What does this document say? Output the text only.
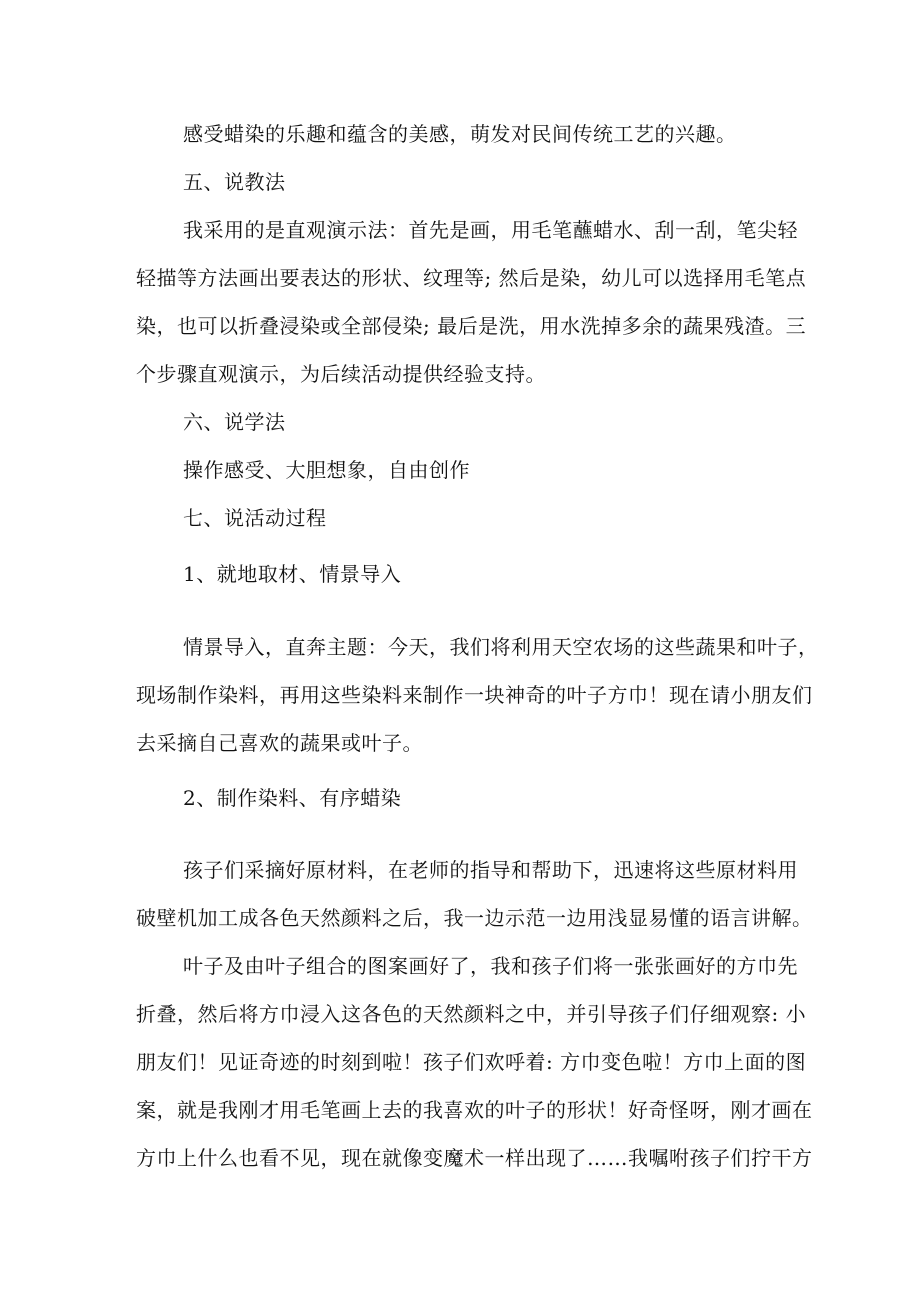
感受蜡染的乐趣和蕴含的美感，萌发对民间传统工艺的兴趣。
五、说教法
我采用的是直观演示法：首先是画，用毛笔蘸蜡水、刮一刮，笔尖轻
轻描等方法画出要表达的形状、纹理等; 然后是染，幼儿可以选择用毛笔点
染，也可以折叠浸染或全部侵染; 最后是洗，用水洗掉多余的蔬果残渣。三
个步骤直观演示，为后续活动提供经验支持。
六、说学法
操作感受、大胆想象，自由创作
七、说活动过程
1、就地取材、情景导入
情景导入，直奔主题：今天，我们将利用天空农场的这些蔬果和叶子，
现场制作染料，再用这些染料来制作一块神奇的叶子方巾！现在请小朋友们
去采摘自己喜欢的蔬果或叶子。
2、制作染料、有序蜡染
孩子们采摘好原材料，在老师的指导和帮助下，迅速将这些原材料用
破壁机加工成各色天然颜料之后，我一边示范一边用浅显易懂的语言讲解。
叶子及由叶子组合的图案画好了，我和孩子们将一张张画好的方巾先
折叠，然后将方巾浸入这各色的天然颜料之中，并引导孩子们仔细观察: 小
朋友们！见证奇迹的时刻到啦！孩子们欢呼着: 方巾变色啦！方巾上面的图
案，就是我刚才用毛笔画上去的我喜欢的叶子的形状！好奇怪呀，刚才画在
方巾上什么也看不见，现在就像变魔术一样出现了……我嘱咐孩子们拧干方
